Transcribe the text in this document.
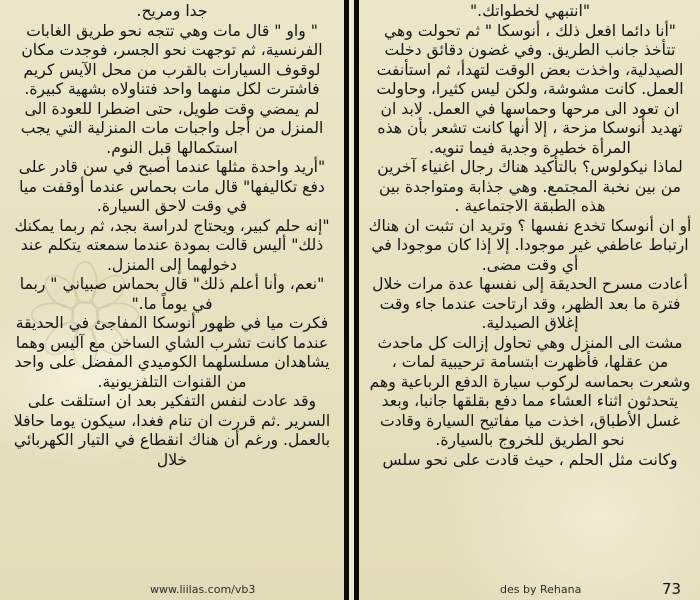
جدا ومريح.

" واو " قال مات وهي تتجه نحو طريق الغابات الفرنسية، ثم توجهت نحو الجسر، فوجدت مكان لوقوف السيارات بالقرب من محل الآيس كريم فاشترت لكل منهما واحد فتناولاه بشهية كبيرة.

لم يمضي وقت طويل، حتى اضطرا للعودة الى المنزل من أجل واجبات مات المنزلية التي يجب استكمالها قبل النوم.

"أريد واحدة مثلها عندما أصبح في سن قادر على دفع تكاليفها" قال مات بحماس عندما أوقفت ميا في وقت لاحق السيارة.

"إنه حلم كبير، ويحتاج لدراسة بجد، ثم ربما يمكنك ذلك" أليس قالت بمودة عندما سمعته يتكلم عند دخولهما إلى المنزل.

"نعم، وأنا أعلم ذلك" قال بحماس صبياني " ربما في يوماً ما."

فكرت ميا في ظهور أنوسكا المفاجئ في الحديقة عندما كانت تشرب الشاي الساخن مع آليس وهما يشاهدان مسلسلهما الكوميدي المفضل على واحد من القنوات التلفزيونية.

وقد عادت لنفس التفكير بعد ان استلقت على السرير .ثم قررت ان تنام فغدا، سيكون يوما حافلا بالعمل. ورغم أن هناك انقطاع في التيار الكهربائي خلال

"انتبهي لخطواتك."

"أنا دائما افعل ذلك ، أنوسكا " ثم تحولت وهي تتأخذ جانب الطريق. وفي غضون دقائق دخلت الصيدلية، واخذت بعض الوقت لتهدأ، ثم استأنفت العمل. كانت مشوشة، ولكن ليس كثيرا، وحاولت ان تعود الى مرحها وحماسها في العمل. لابد ان تهديد أنوسكا مزحة ، إلا أنها كانت تشعر بأن هذه المرأة خطيرة وجدية فيما تنويه.

لماذا نيكولوس؟ بالتأكيد هناك رجال اغنياء آخرين من بين نخبة المجتمع. وهي جذابة ومتواجدة بين هذه الطبقة الاجتماعية .

أو ان أنوسكا تخدع نفسها ؟ وتريد ان تثبت ان هناك ارتباط عاطفي غير موجودا. إلا إذا كان موجودا في أي وقت مضى.

أعادت مسرح الحديقة إلى نفسها عدة مرات خلال فترة ما بعد الظهر، وقد ارتاحت عندما جاء وقت إغلاق الصيدلية.

مشت الى المنزل وهي تحاول إزالت كل ماحدث من عقلها، فأظهرت ابتسامة ترحيبية لمات ، وشعرت بحماسه لركوب سيارة الدفع الرباعية وهم يتحدثون اثناء العشاء مما دفع بقلقها جانبا، وبعد غسل الأطباق، اخذت ميا مفاتيح السيارة وقادت نحو الطريق للخروج بالسيارة.

وكانت مثل الحلم ، حيث قادت على نحو سلس

www.liilas.com/vb3	des by Rehana	73
